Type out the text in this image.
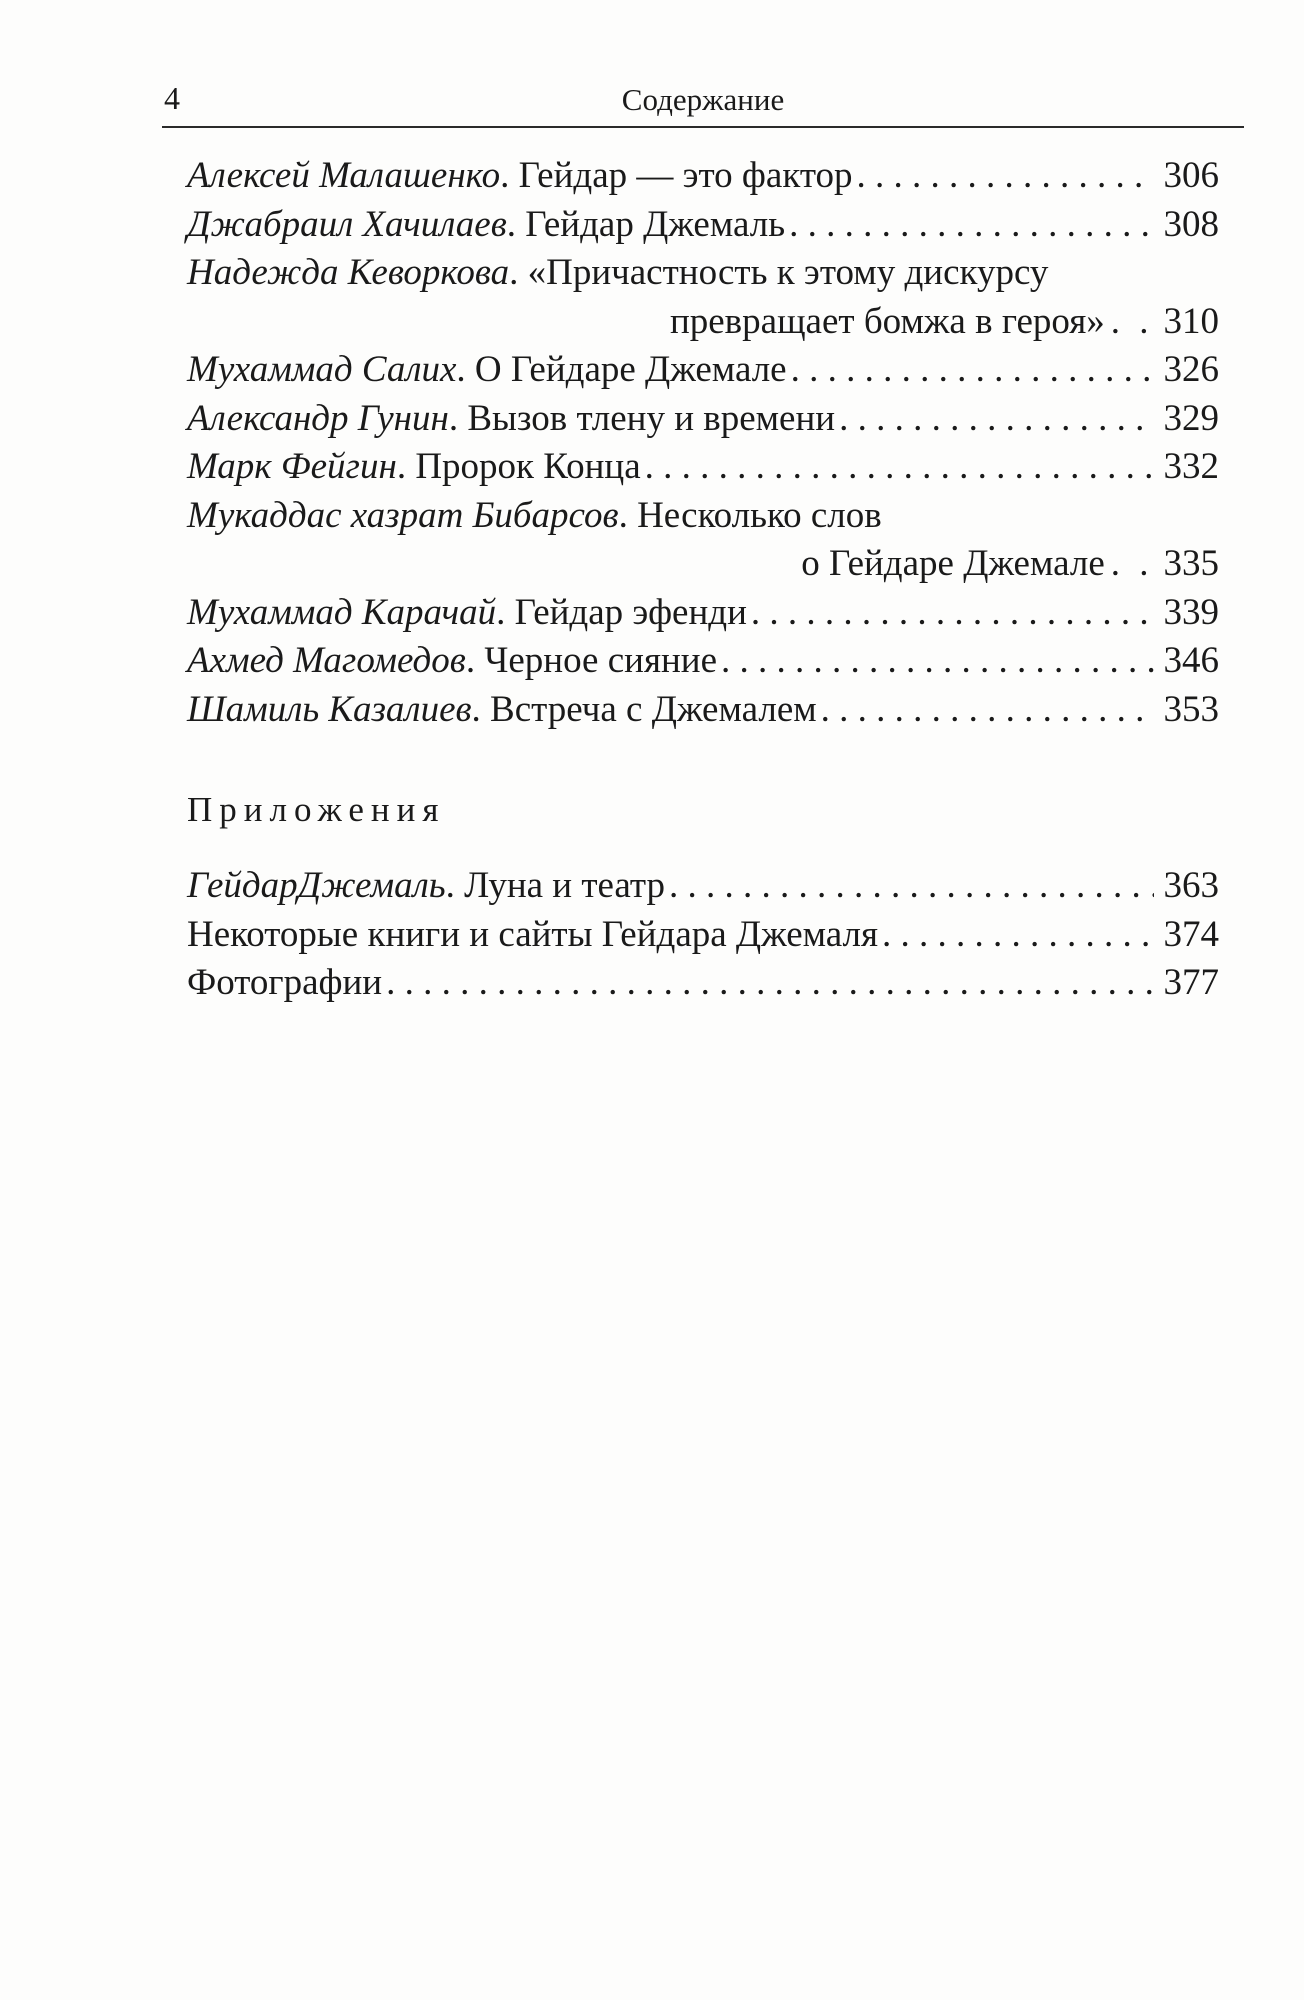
4	Содержание
Алексей Малашенко. Гейдар — это фактор . . .	306
Джабраил Хачилаев. Гейдар Джемаль . . .	308
Надежда Кеворкова. «Причастность к этому дискурсу
превращает бомжа в героя» . . 310
Мухаммад Салих. О Гейдаре Джемале . . .	326
Александр Гунин. Вызов тлену и времени . . .	329
Марк Фейгин. Пророк Конца . . .	332
Мукаддас хазрат Бибарсов. Несколько слов
о Гейдаре Джемале . . 335
Мухаммад Карачай. Гейдар эфенди . . .	339
Ахмед Магомедов. Черное сияние . . .	346
Шамиль Казалиев. Встреча с Джемалем . . .	353
Приложения
ГейдарДжемаль. Луна и театр . . .	363
Некоторые книги и сайты Гейдара Джемаля . . .	374
Фотографии . . .	377
